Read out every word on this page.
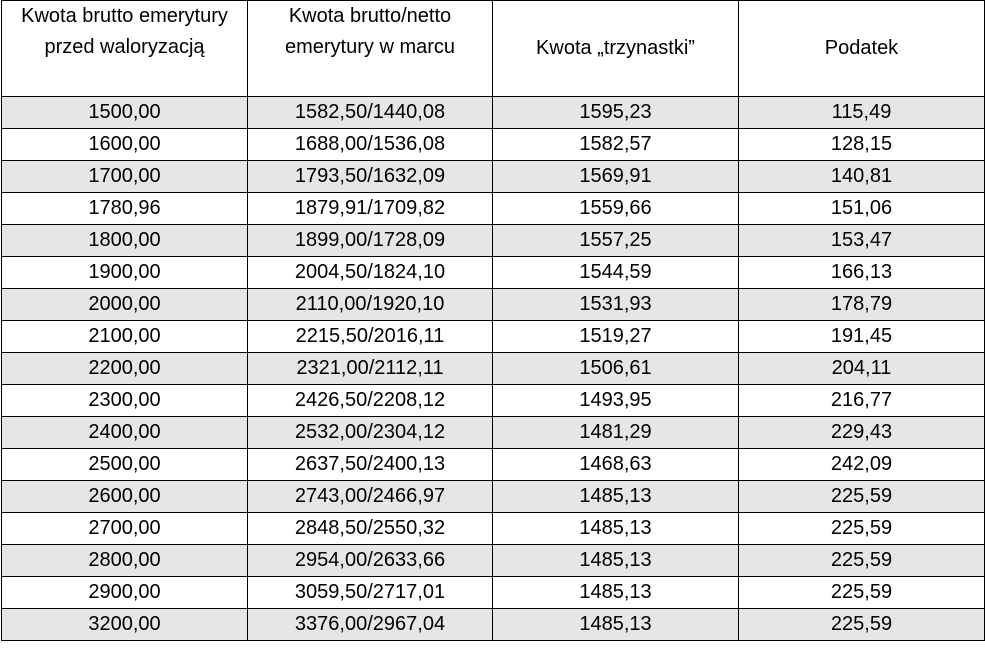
Kwota brutto emerytury przed waloryzacją	Kwota brutto/netto emerytury w marcu	Kwota „trzynastki”	Podatek
1500,00	1582,50/1440,08	1595,23	115,49
1600,00	1688,00/1536,08	1582,57	128,15
1700,00	1793,50/1632,09	1569,91	140,81
1780,96	1879,91/1709,82	1559,66	151,06
1800,00	1899,00/1728,09	1557,25	153,47
1900,00	2004,50/1824,10	1544,59	166,13
2000,00	2110,00/1920,10	1531,93	178,79
2100,00	2215,50/2016,11	1519,27	191,45
2200,00	2321,00/2112,11	1506,61	204,11
2300,00	2426,50/2208,12	1493,95	216,77
2400,00	2532,00/2304,12	1481,29	229,43
2500,00	2637,50/2400,13	1468,63	242,09
2600,00	2743,00/2466,97	1485,13	225,59
2700,00	2848,50/2550,32	1485,13	225,59
2800,00	2954,00/2633,66	1485,13	225,59
2900,00	3059,50/2717,01	1485,13	225,59
3200,00	3376,00/2967,04	1485,13	225,59
